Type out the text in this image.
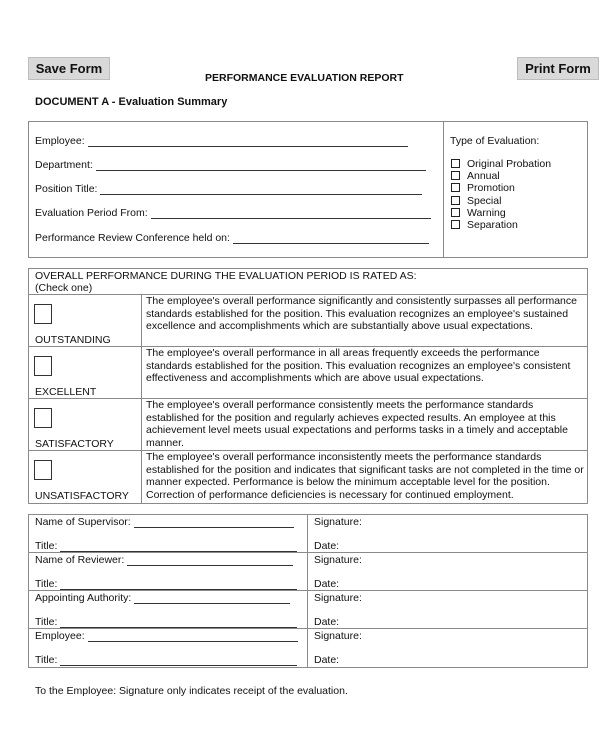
Save Form	Print Form
PERFORMANCE EVALUATION REPORT
DOCUMENT A - Evaluation Summary
Employee:
Department:
Position Title:
Evaluation Period From:
Performance Review Conference held on:
Type of Evaluation:
Original Probation
Annual
Promotion
Special
Warning
Separation
OVERALL PERFORMANCE DURING THE EVALUATION PERIOD IS RATED AS:
(Check one)
OUTSTANDING
The employee's overall performance significantly and consistently surpasses all performance standards established for the position. This evaluation recognizes an employee's sustained excellence and accomplishments which are substantially above usual expectations.
EXCELLENT
The employee's overall performance in all areas frequently exceeds the performance standards established for the position. This evaluation recognizes an employee's consistent effectiveness and accomplishments which are above usual expectations.
SATISFACTORY
The employee's overall performance consistently meets the performance standards established for the position and regularly achieves expected results. An employee at this achievement level meets usual expectations and performs tasks in a timely and acceptable manner.
UNSATISFACTORY
The employee's overall performance inconsistently meets the performance standards established for the position and indicates that significant tasks are not completed in the time or manner expected. Performance is below the minimum acceptable level for the position. Correction of performance deficiencies is necessary for continued employment.
Name of Supervisor:
Title:
Signature:
Date:
Name of Reviewer:
Title:
Signature:
Date:
Appointing Authority:
Title:
Signature:
Date:
Employee:
Title:
Signature:
Date:
To the Employee: Signature only indicates receipt of the evaluation.
